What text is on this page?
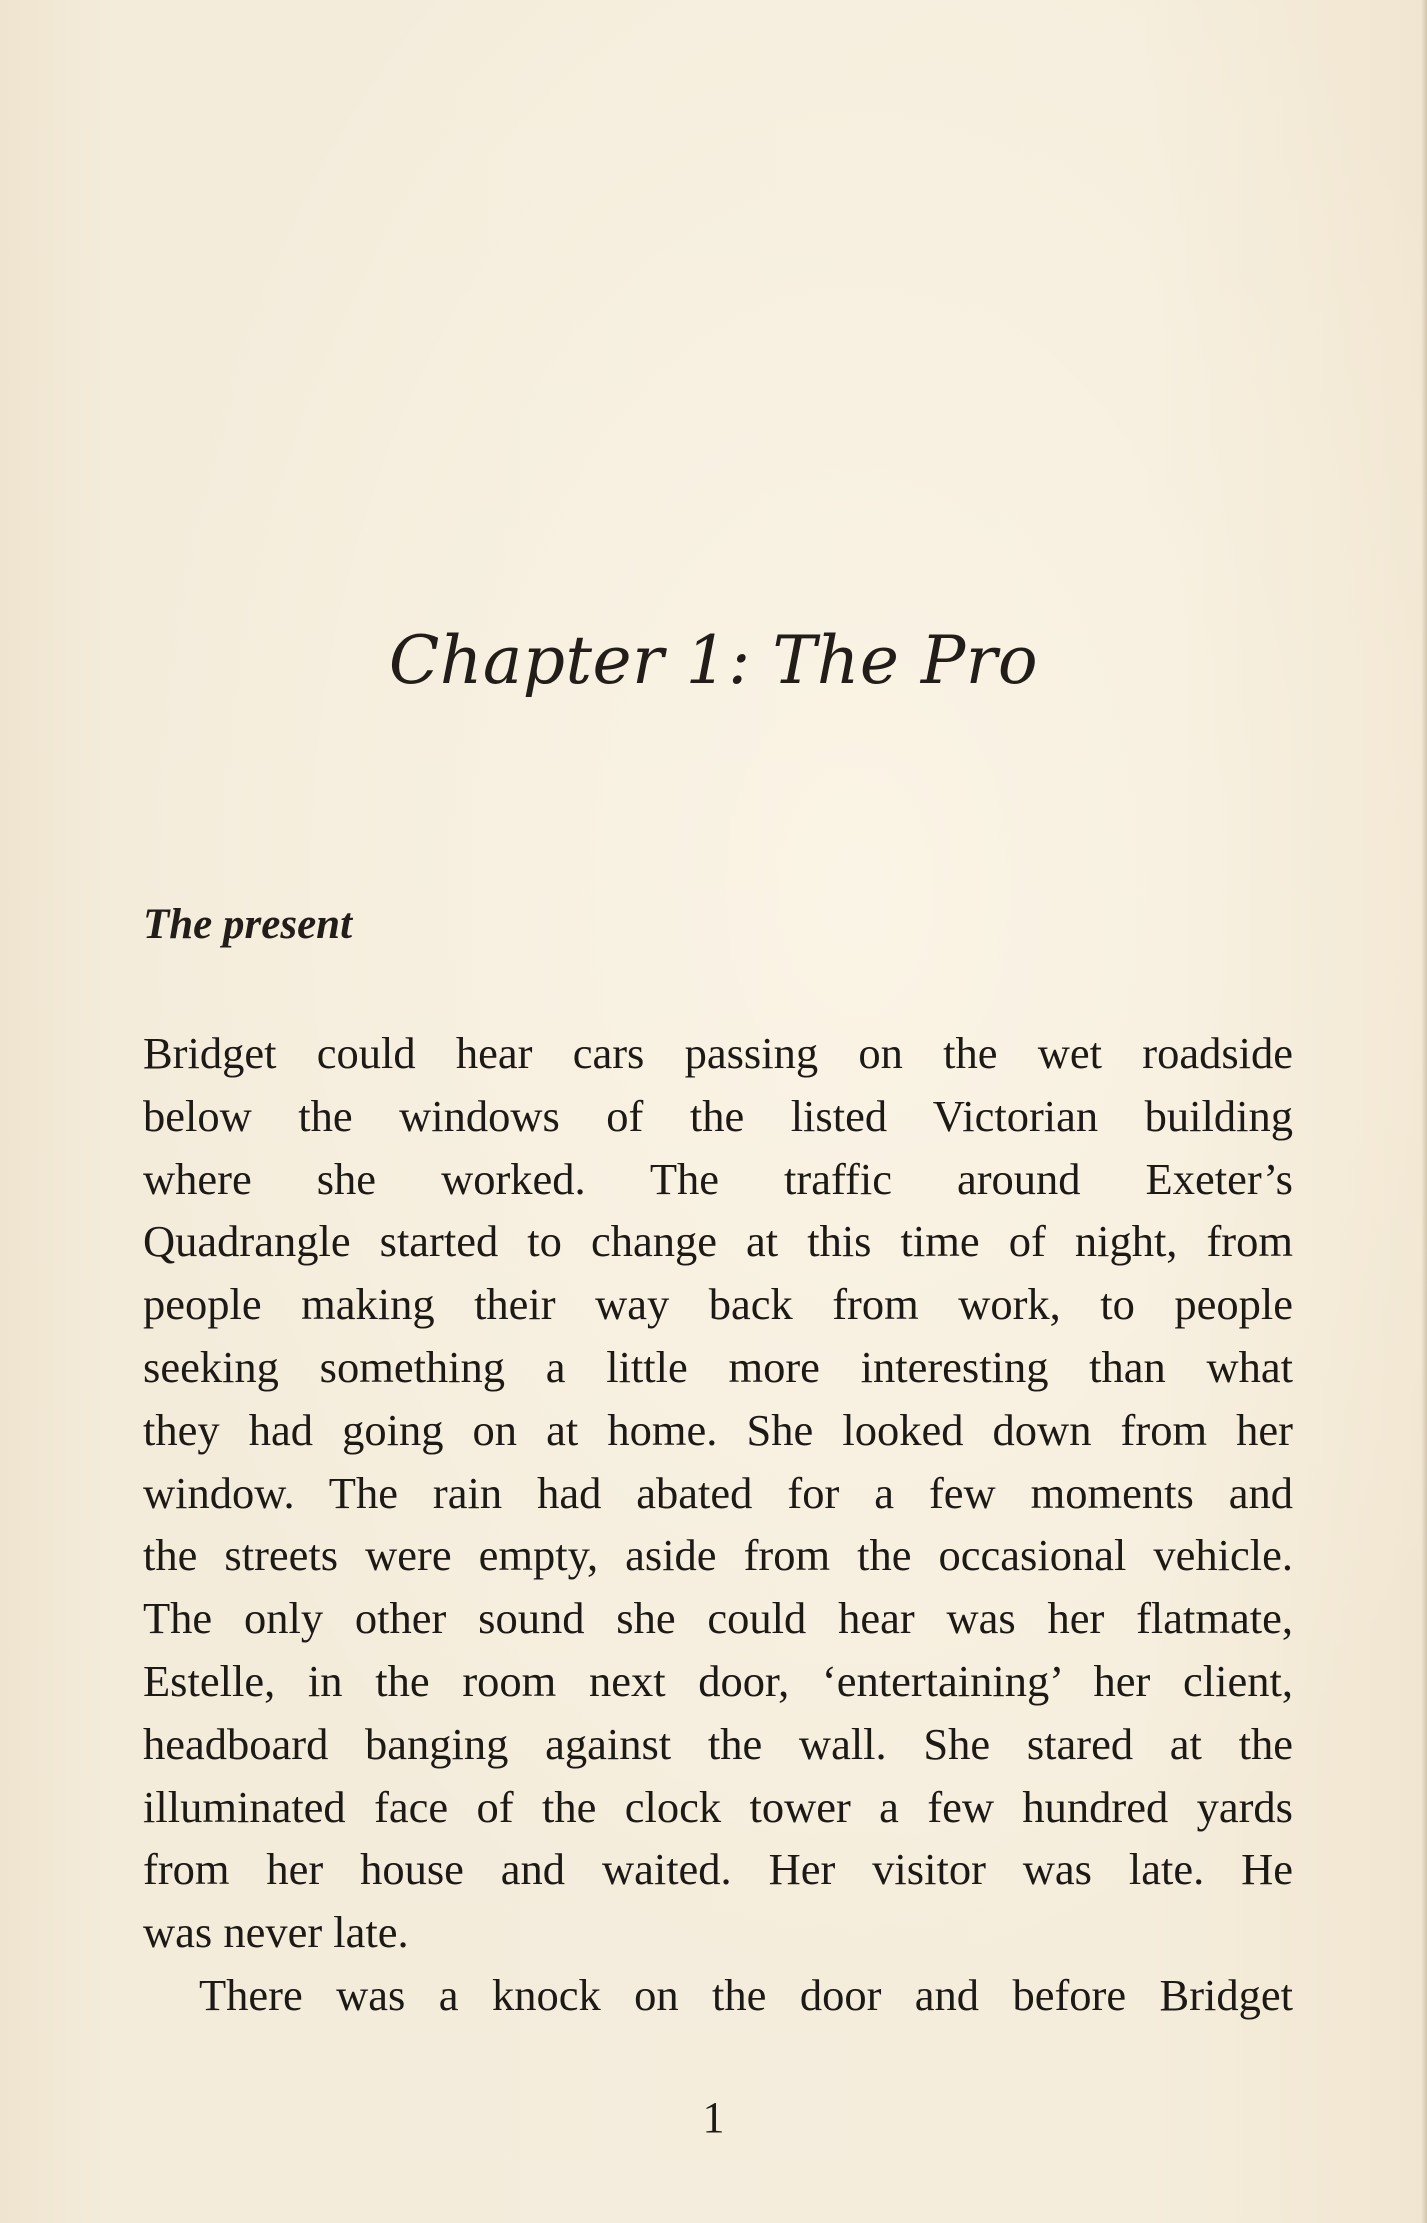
Chapter 1: The Pro
The present

Bridget could hear cars passing on the wet roadside
below the windows of the listed Victorian building
where she worked. The traffic around Exeter’s
Quadrangle started to change at this time of night, from
people making their way back from work, to people
seeking something a little more interesting than what
they had going on at home. She looked down from her
window. The rain had abated for a few moments and
the streets were empty, aside from the occasional vehicle.
The only other sound she could hear was her flatmate,
Estelle, in the room next door, ‘entertaining’ her client,
headboard banging against the wall. She stared at the
illuminated face of the clock tower a few hundred yards
from her house and waited. Her visitor was late. He
was never late.

There was a knock on the door and before Bridget

1
